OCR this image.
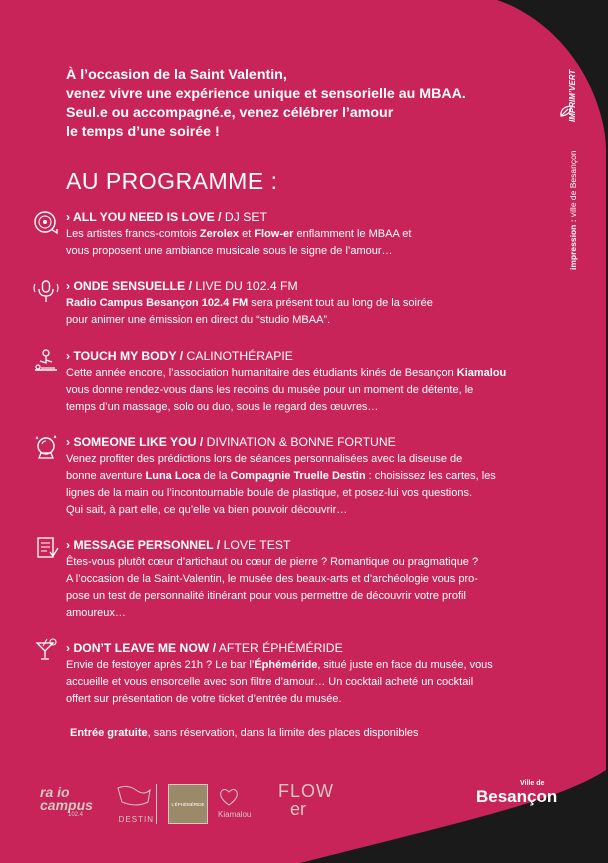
À l’occasion de la Saint Valentin,
venez vivre une expérience unique et sensorielle au MBAA.
Seul.e ou accompagné.e, venez célébrer l’amour
le temps d’une soirée !
AU PROGRAMME :
› ALL YOU NEED IS LOVE / DJ SET
Les artistes francs-comtois Zerolex et Flow-er enflamment le MBAA et
vous proposent une ambiance musicale sous le signe de l’amour…
› ONDE SENSUELLE / LIVE DU 102.4 FM
Radio Campus Besançon 102.4 FM sera présent tout au long de la soirée
pour animer une émission en direct du “studio MBAA”.
› TOUCH MY BODY / CALINOTHÉRAPIE
Cette année encore, l’association humanitaire des étudiants kinés de Besançon Kiamalou
vous donne rendez-vous dans les recoins du musée pour un moment de détente, le
temps d’un massage, solo ou duo, sous le regard des œuvres…
› SOMEONE LIKE YOU / DIVINATION & BONNE FORTUNE
Venez profiter des prédictions lors de séances personnalisées avec la diseuse de
bonne aventure Luna Loca de la Compagnie Truelle Destin : choisissez les cartes, les
lignes de la main ou l’incontournable boule de plastique, et posez-lui vos questions.
Qui sait, à part elle, ce qu’elle va bien pouvoir découvrir…
› MESSAGE PERSONNEL / LOVE TEST
Êtes-vous plutôt cœur d’artichaut ou cœur de pierre ? Romantique ou pragmatique ?
A l’occasion de la Saint-Valentin, le musée des beaux-arts et d’archéologie vous pro-
pose un test de personnalité itinérant pour vous permettre de découvrir votre profil
amoureux…
› DON’T LEAVE ME NOW / AFTER ÉPHÉMÉRIDE
Envie de festoyer après 21h ? Le bar l’Éphéméride, situé juste en face du musée, vous
accueille et vous ensorcelle avec son filtre d’amour… Un cocktail acheté un cocktail
offert sur présentation de votre ticket d’entrée du musée.
Entrée gratuite, sans réservation, dans la limite des places disponibles
IMPRIM’VERT
impression : ville de Besançon
ra io
campus
102.4	DESTIN
L’ÉPHÉMÉRIDE
Kiamalou
FLOW
er
Ville de
Besançon
